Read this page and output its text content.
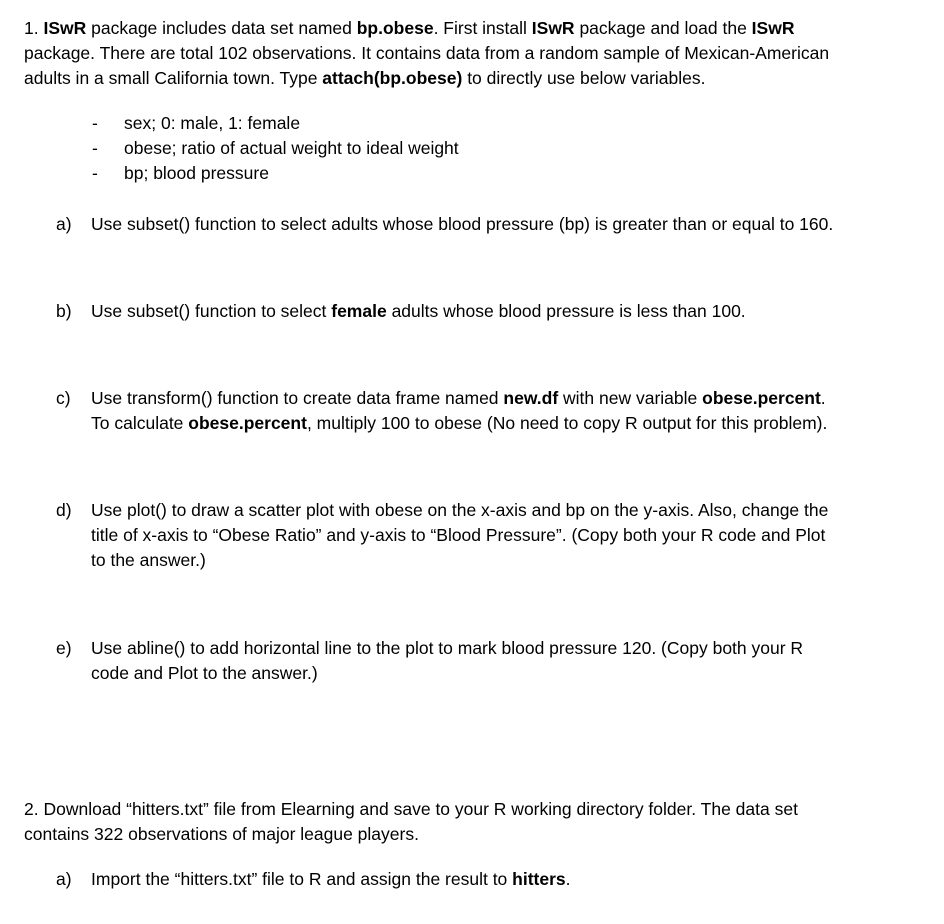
1. ISwR package includes data set named bp.obese. First install ISwR package and load the ISwR
package. There are total 102 observations. It contains data from a random sample of Mexican-American
adults in a small California town. Type attach(bp.obese) to directly use below variables.
- sex; 0: male, 1: female
- obese; ratio of actual weight to ideal weight
- bp; blood pressure
a) Use subset() function to select adults whose blood pressure (bp) is greater than or equal to 160.
b) Use subset() function to select female adults whose blood pressure is less than 100.
c) Use transform() function to create data frame named new.df with new variable obese.percent.
To calculate obese.percent, multiply 100 to obese (No need to copy R output for this problem).
d) Use plot() to draw a scatter plot with obese on the x-axis and bp on the y-axis. Also, change the
title of x-axis to “Obese Ratio” and y-axis to “Blood Pressure”. (Copy both your R code and Plot
to the answer.)
e) Use abline() to add horizontal line to the plot to mark blood pressure 120. (Copy both your R
code and Plot to the answer.)
2. Download “hitters.txt” file from Elearning and save to your R working directory folder. The data set
contains 322 observations of major league players.
a) Import the “hitters.txt” file to R and assign the result to hitters.
